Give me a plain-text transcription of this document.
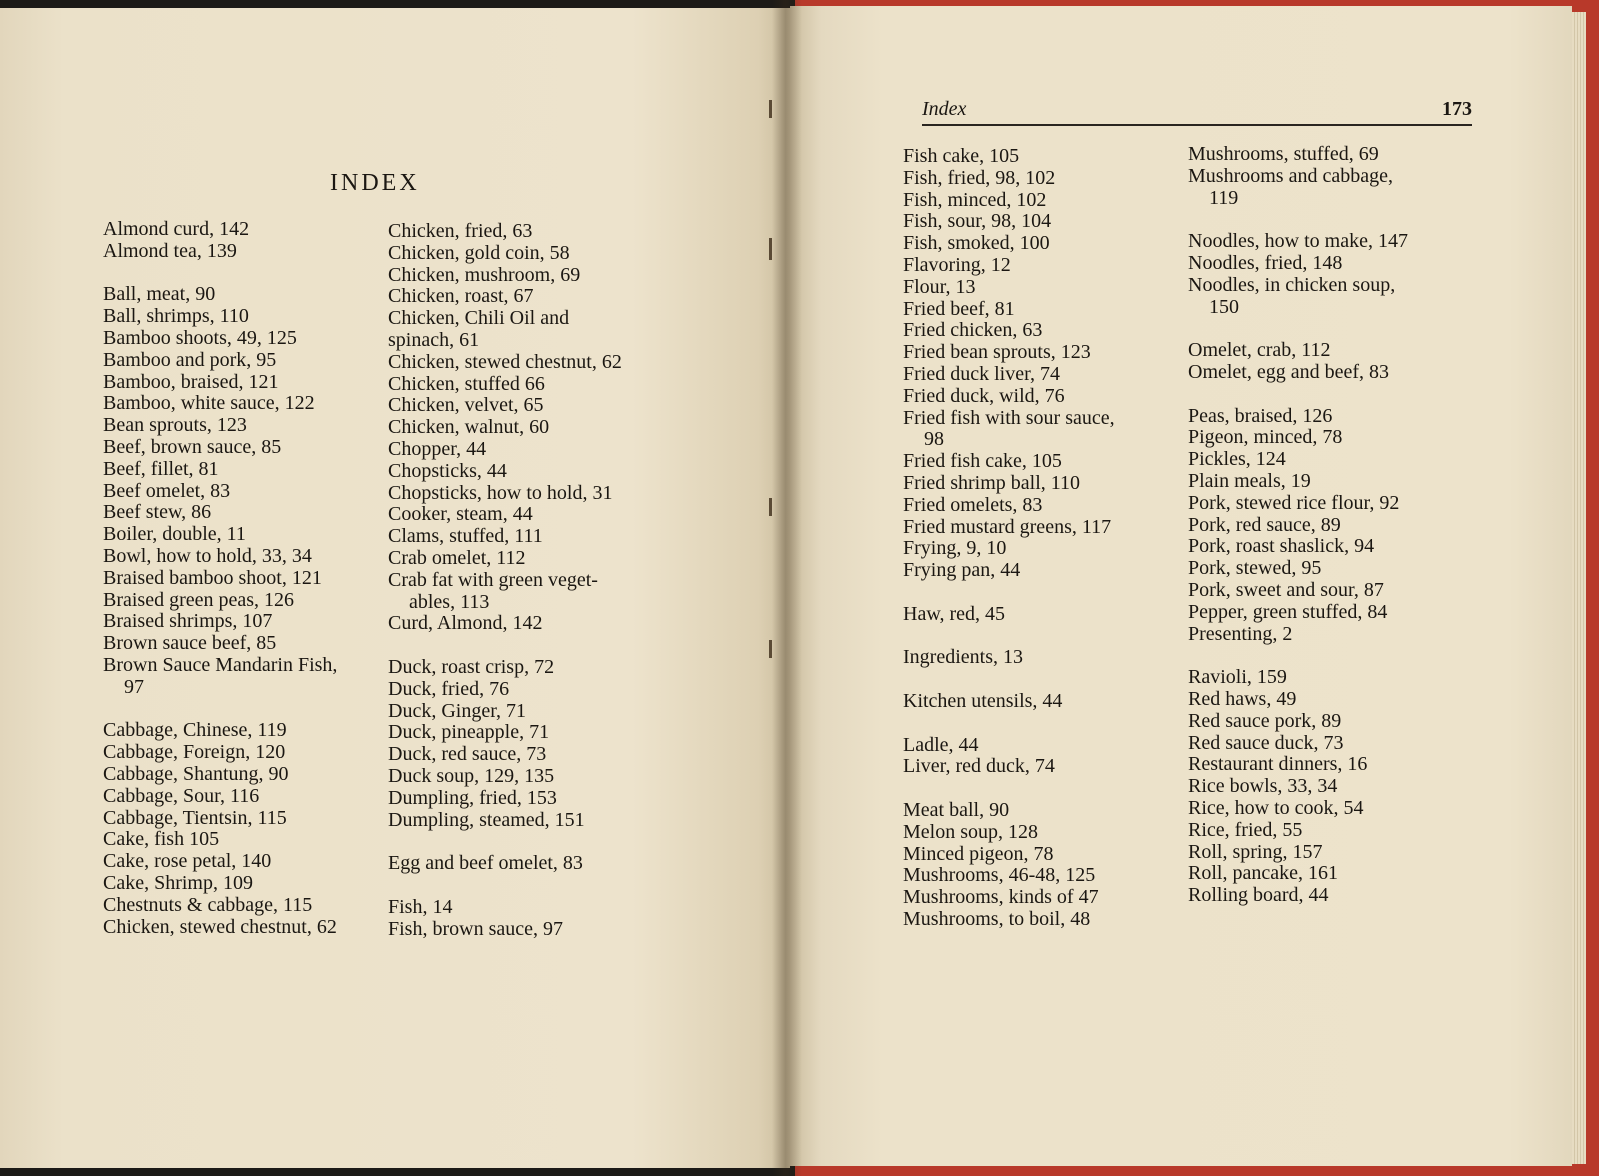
INDEX
Almond curd, 142
Almond tea, 139
Ball, meat, 90
Ball, shrimps, 110
Bamboo shoots, 49, 125
Bamboo and pork, 95
Bamboo, braised, 121
Bamboo, white sauce, 122
Bean sprouts, 123
Beef, brown sauce, 85
Beef, fillet, 81
Beef omelet, 83
Beef stew, 86
Boiler, double, 11
Bowl, how to hold, 33, 34
Braised bamboo shoot, 121
Braised green peas, 126
Braised shrimps, 107
Brown sauce beef, 85
Brown Sauce Mandarin Fish,
97
Cabbage, Chinese, 119
Cabbage, Foreign, 120
Cabbage, Shantung, 90
Cabbage, Sour, 116
Cabbage, Tientsin, 115
Cake, fish 105
Cake, rose petal, 140
Cake, Shrimp, 109
Chestnuts & cabbage, 115
Chicken, stewed chestnut, 62
Chicken, fried, 63
Chicken, gold coin, 58
Chicken, mushroom, 69
Chicken, roast, 67
Chicken, Chili Oil and
spinach, 61
Chicken, stewed chestnut, 62
Chicken, stuffed 66
Chicken, velvet, 65
Chicken, walnut, 60
Chopper, 44
Chopsticks, 44
Chopsticks, how to hold, 31
Cooker, steam, 44
Clams, stuffed, 111
Crab omelet, 112
Crab fat with green veget-
ables, 113
Curd, Almond, 142
Duck, roast crisp, 72
Duck, fried, 76
Duck, Ginger, 71
Duck, pineapple, 71
Duck, red sauce, 73
Duck soup, 129, 135
Dumpling, fried, 153
Dumpling, steamed, 151
Egg and beef omelet, 83
Fish, 14
Fish, brown sauce, 97
Index	173
Fish cake, 105
Fish, fried, 98, 102
Fish, minced, 102
Fish, sour, 98, 104
Fish, smoked, 100
Flavoring, 12
Flour, 13
Fried beef, 81
Fried chicken, 63
Fried bean sprouts, 123
Fried duck liver, 74
Fried duck, wild, 76
Fried fish with sour sauce,
98
Fried fish cake, 105
Fried shrimp ball, 110
Fried omelets, 83
Fried mustard greens, 117
Frying, 9, 10
Frying pan, 44
Haw, red, 45
Ingredients, 13
Kitchen utensils, 44
Ladle, 44
Liver, red duck, 74
Meat ball, 90
Melon soup, 128
Minced pigeon, 78
Mushrooms, 46-48, 125
Mushrooms, kinds of 47
Mushrooms, to boil, 48
Mushrooms, stuffed, 69
Mushrooms and cabbage,
119
Noodles, how to make, 147
Noodles, fried, 148
Noodles, in chicken soup,
150
Omelet, crab, 112
Omelet, egg and beef, 83
Peas, braised, 126
Pigeon, minced, 78
Pickles, 124
Plain meals, 19
Pork, stewed rice flour, 92
Pork, red sauce, 89
Pork, roast shaslick, 94
Pork, stewed, 95
Pork, sweet and sour, 87
Pepper, green stuffed, 84
Presenting, 2
Ravioli, 159
Red haws, 49
Red sauce pork, 89
Red sauce duck, 73
Restaurant dinners, 16
Rice bowls, 33, 34
Rice, how to cook, 54
Rice, fried, 55
Roll, spring, 157
Roll, pancake, 161
Rolling board, 44
